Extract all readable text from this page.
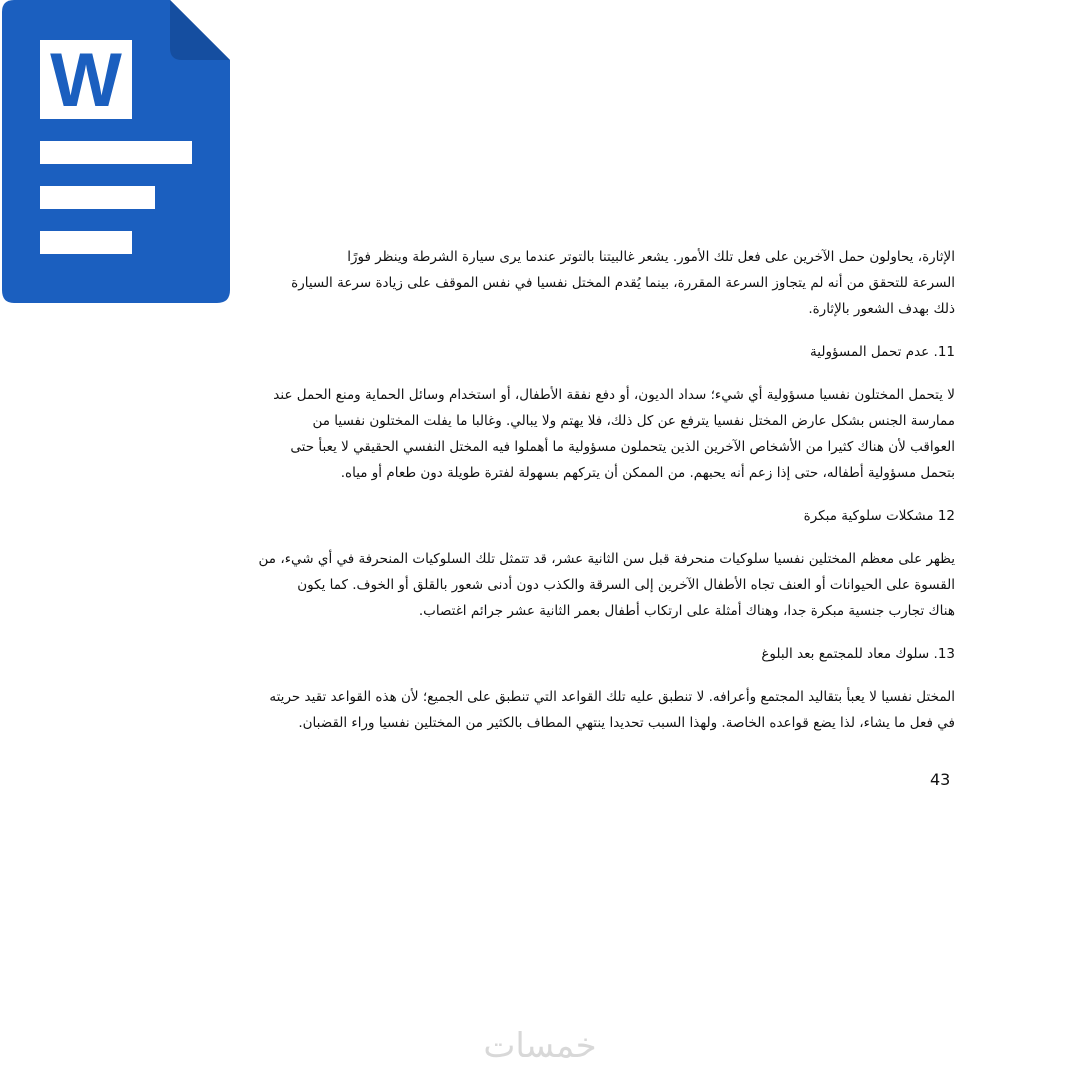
الإثارة، يحاولون حمل الآخرين على فعل تلك الأمور. يشعر غالبيتنا بالتوتر عندما يرى سيارة الشرطة وينظر فورًا
السرعة للتحقق من أنه لم يتجاوز السرعة المقررة، بينما يُقدم المختل نفسيا في نفس الموقف على زيادة سرعة السيارة
ذلك بهدف الشعور بالإثارة.
11. عدم تحمل المسؤولية
لا يتحمل المختلون نفسيا مسؤولية أي شيء؛ سداد الديون، أو دفع نفقة الأطفال، أو استخدام وسائل الحماية ومنع الحمل عند
ممارسة الجنس بشكل عارض المختل نفسيا يترفع عن كل ذلك، فلا يهتم ولا يبالي. وغالبا ما يفلت المختلون نفسيا من
العواقب لأن هناك كثيرا من الأشخاص الآخرين الذين يتحملون مسؤولية ما أهملوا فيه المختل النفسي الحقيقي لا يعبأ حتى
بتحمل مسؤولية أطفاله، حتى إذا زعم أنه يحبهم. من الممكن أن يتركهم بسهولة لفترة طويلة دون طعام أو مياه.
12 مشكلات سلوكية مبكرة
يظهر على معظم المختلين نفسيا سلوكيات منحرفة قبل سن الثانية عشر، قد تتمثل تلك السلوكيات المنحرفة في أي شيء، من
القسوة على الحيوانات أو العنف تجاه الأطفال الآخرين إلى السرقة والكذب دون أدنى شعور بالقلق أو الخوف. كما يكون
هناك تجارب جنسية مبكرة جدا، وهناك أمثلة على ارتكاب أطفال بعمر الثانية عشر جرائم اغتصاب.
13. سلوك معاد للمجتمع بعد البلوغ
المختل نفسيا لا يعبأ بتقاليد المجتمع وأعرافه. لا تنطبق عليه تلك القواعد التي تنطبق على الجميع؛ لأن هذه القواعد تقيد حريته
في فعل ما يشاء، لذا يضع قواعده الخاصة. ولهذا السبب تحديدا ينتهي المطاف بالكثير من المختلين نفسيا وراء القضبان.
43
خمسات
W
